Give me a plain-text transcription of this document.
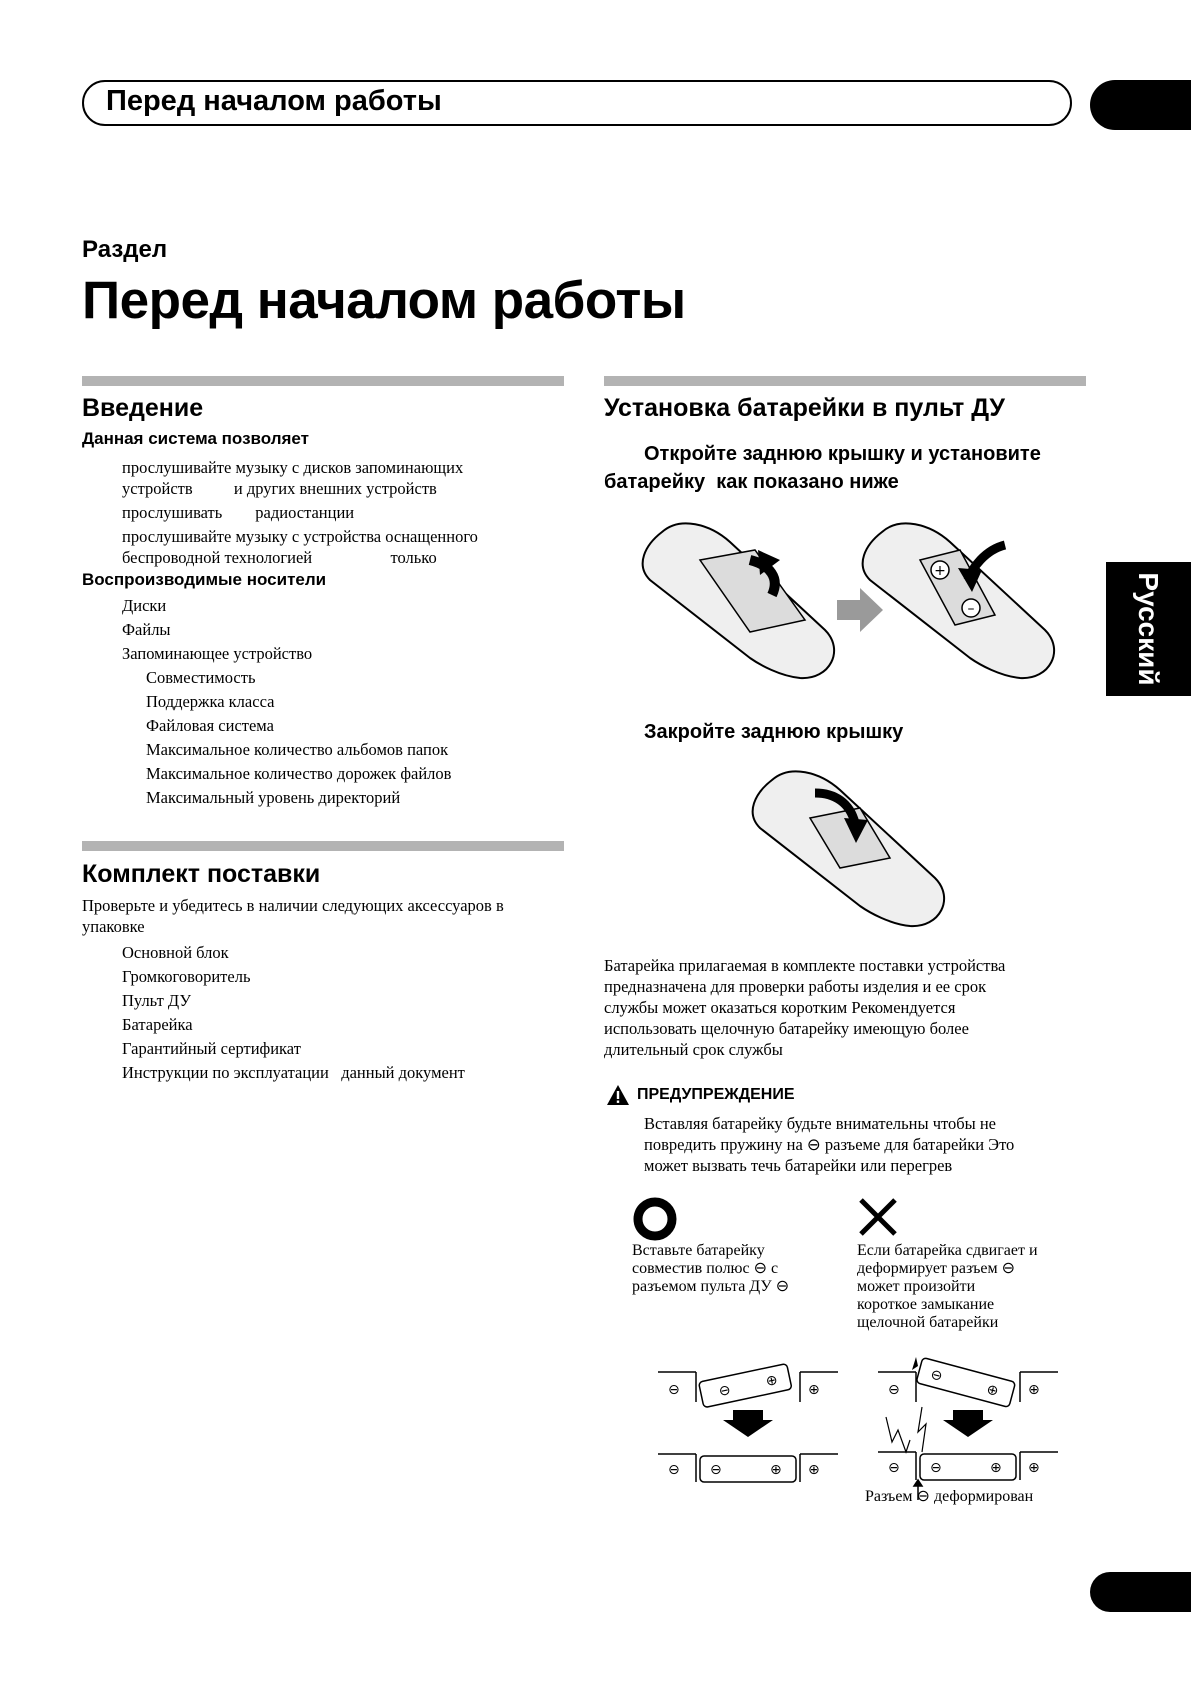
Перед началом работы
Раздел
Перед началом работы
Русский
Введение
Данная система позволяет
прослушивайте музыку с дисков запоминающих
устройств          и других внешних устройств
прослушивать        радиостанции
прослушивайте музыку с устройства оснащенного
беспроводной технологией                   только
Воспроизводимые носители
Диски
Файлы
Запоминающее устройство
Совместимость
Поддержка класса
Файловая система
Максимальное количество альбомов папок
Максимальное количество дорожек файлов
Максимальный уровень директорий
Комплект поставки
Проверьте и убедитесь в наличии следующих аксессуаров в упаковке
Основной блок
Громкоговоритель
Пульт ДУ
Батарейка
Гарантийный сертификат
Инструкции по эксплуатации   данный документ
Установка батарейки в пульт ДУ
Откройте заднюю крышку и установите
батарейку  как показано ниже
+
–
Закройте заднюю крышку
Батарейка прилагаемая в комплекте поставки устройства
предназначена для проверки работы изделия и ее срок
службы может оказаться коротким Рекомендуется
использовать щелочную батарейку имеющую более
длительный срок службы
ПРЕДУПРЕЖДЕНИЕ
Вставляя батарейку будьте внимательны чтобы не
повредить пружину на ⊖ разъеме для батарейки Это
может вызвать течь батарейки или перегрев
Вставьте батарейку
совместив полюс ⊖ с
разъемом пульта ДУ ⊖
Если батарейка сдвигает и
деформирует разъем ⊖
может произойти
короткое замыкание
щелочной батарейки
⊖
⊕
⊖	⊕
⊖	⊕
⊖	⊕
⊖
⊕
⊖	⊕
⊖	⊕
⊖	⊕
Разъем ⊖ деформирован
